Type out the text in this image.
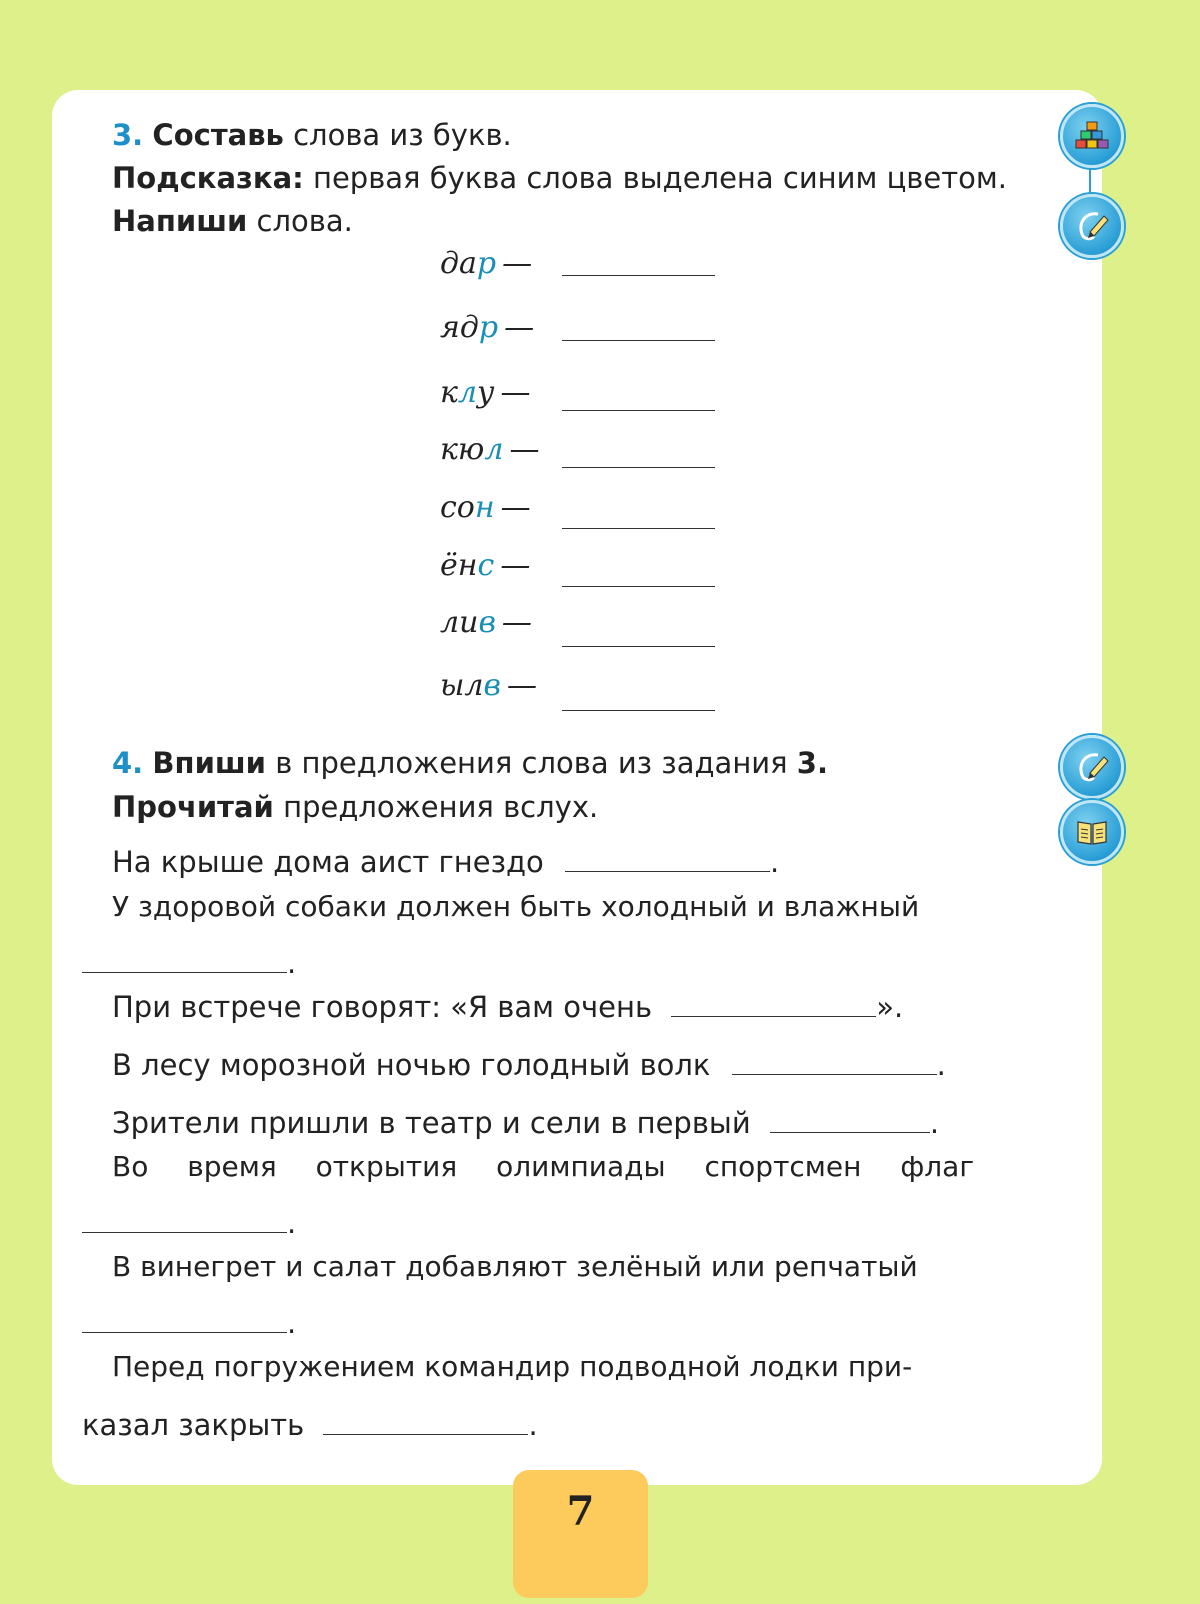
3. Составь слова из букв.
Подсказка: первая буква слова выделена синим цветом.
Напиши слова.
дар —
ядр —
клу —
кюл —
сон —
ёнс —
лив —
ылв —
4. Впиши в предложения слова из задания 3.
Прочитай предложения вслух.
На крыше дома аист гнездо	.
У здоровой собаки должен быть холодный и влажный
.
При встрече говорят: «Я вам очень	».
В лесу морозной ночью голодный волк	.
Зрители пришли в театр и сели в первый	.
Во время открытия олимпиады спортсмен флаг
.
В винегрет и салат добавляют зелёный или репчатый
.
Перед погружением командир подводной лодки при-
казал закрыть	.
7
